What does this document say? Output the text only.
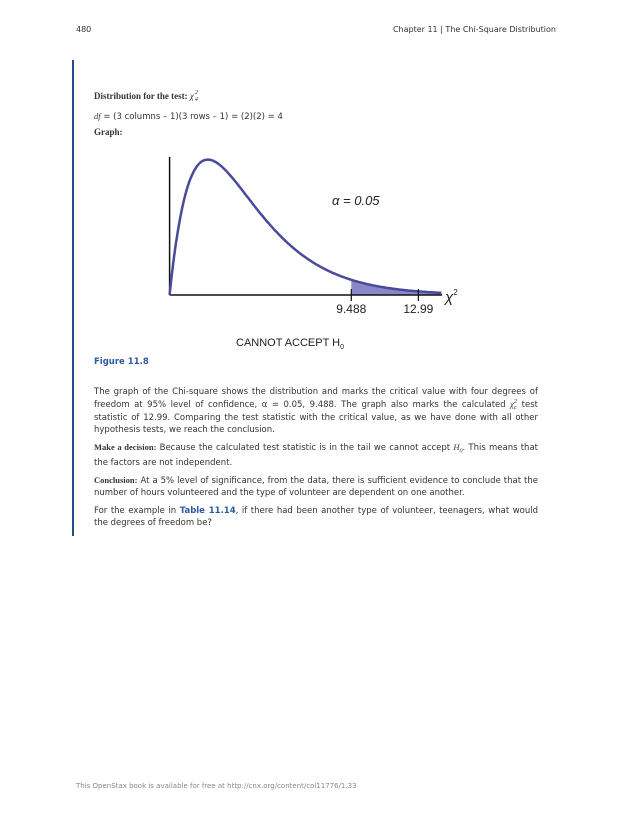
480	Chapter 11 | The Chi-Square Distribution
Distribution for the test: χ 2
4
df = (3 columns – 1)(3 rows – 1) = (2)(2) = 4
Graph:
9.488	12.99
α = 0.05
$\chi^2$
CANNOT ACCEPT $H_0$
Figure 11.8

The graph of the Chi-square shows the distribution and marks the critical value with four degrees of freedom at 95% level of confidence, α = 0.05, 9.488. The graph also marks the calculated χ 2
c test statistic of 12.99. Comparing the test statistic with the critical value, as we have done with all other hypothesis tests, we reach the conclusion.

Make a decision: Because the calculated test statistic is in the tail we cannot accept $H_0$. This means that the factors are not independent.

Conclusion: At a 5% level of significance, from the data, there is sufficient evidence to conclude that the number of hours volunteered and the type of volunteer are dependent on one another.

For the example in Table 11.14, if there had been another type of volunteer, teenagers, what would the degrees of freedom be?

This OpenStax book is available for free at http://cnx.org/content/col11776/1.33
